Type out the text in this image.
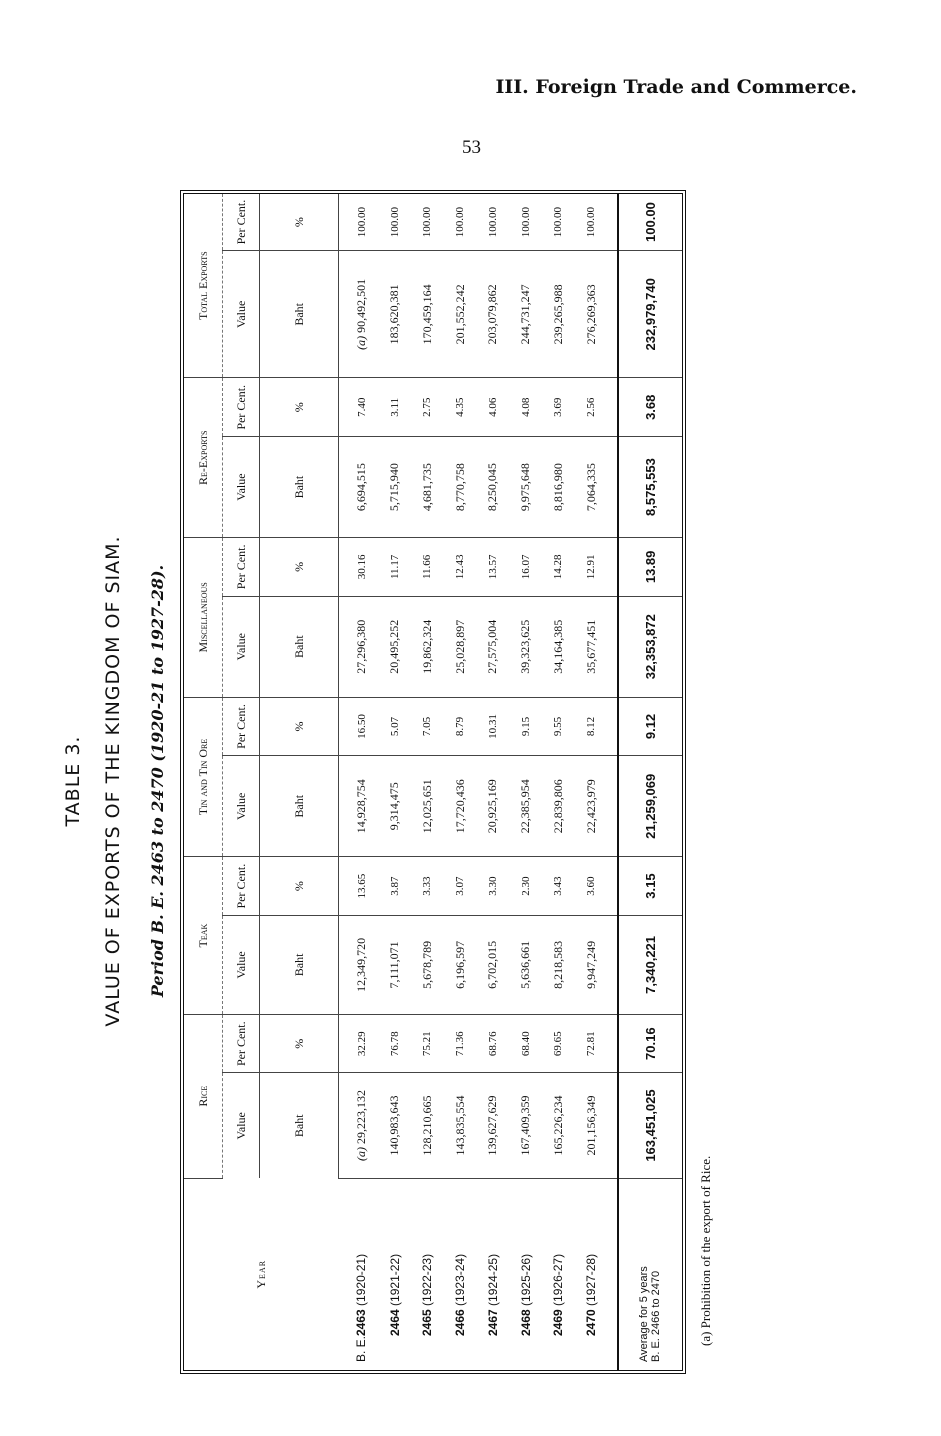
III. Foreign Trade and Commerce.
53
TABLE 3. VALUE OF EXPORTS OF THE KINGDOM OF SIAM. Period B. E. 2463 to 2470 (1920-21 to 1927-28).
Year	Rice		Teak		Tin and Tin Ore		Miscellaneous		Re-Exports		Total Exports	
	Value	Per Cent.	Value	Per Cent.	Value	Per Cent.	Value	Per Cent.	Value	Per Cent.	Value	Per Cent.
	Baht	%	Baht	%	Baht	%	Baht	%	Baht	%	Baht	%
B. E.2463 (1920-21)	(a) 29,223,132	32.29	12,349,720	13.65	14,928,754	16.50	27,296,380	30.16	6,694,515	7.40	(a) 90,492,501	100.00
2464 (1921-22)	140,983,643	76.78	7,111,071	3.87	9,314,475	5.07	20,495,252	11.17	5,715,940	3.11	183,620,381	100.00
2465 (1922-23)	128,210,665	75.21	5,678,789	3.33	12,025,651	7.05	19,862,324	11.66	4,681,735	2.75	170,459,164	100.00
2466 (1923-24)	143,835,554	71.36	6,196,597	3.07	17,720,436	8.79	25,028,897	12.43	8,770,758	4.35	201,552,242	100.00
2467 (1924-25)	139,627,629	68.76	6,702,015	3.30	20,925,169	10.31	27,575,004	13.57	8,250,045	4.06	203,079,862	100.00
2468 (1925-26)	167,409,359	68.40	5,636,661	2.30	22,385,954	9.15	39,323,625	16.07	9,975,648	4.08	244,731,247	100.00
2469 (1926-27)	165,226,234	69.65	8,218,583	3.43	22,839,806	9.55	34,164,385	14.28	8,816,980	3.69	239,265,988	100.00
2470 (1927-28)	201,156,349	72.81	9,947,249	3.60	22,423,979	8.12	35,677,451	12.91	7,064,335	2.56	276,269,363	100.00

Average for 5 years B. E. 2466 to 2470	163,451,025	70.16	7,340,221	3.15	21,259,069	9.12	32,353,872	13.89	8,575,553	3.68	232,979,740	100.00
(a) Prohibition of the export of Rice.
